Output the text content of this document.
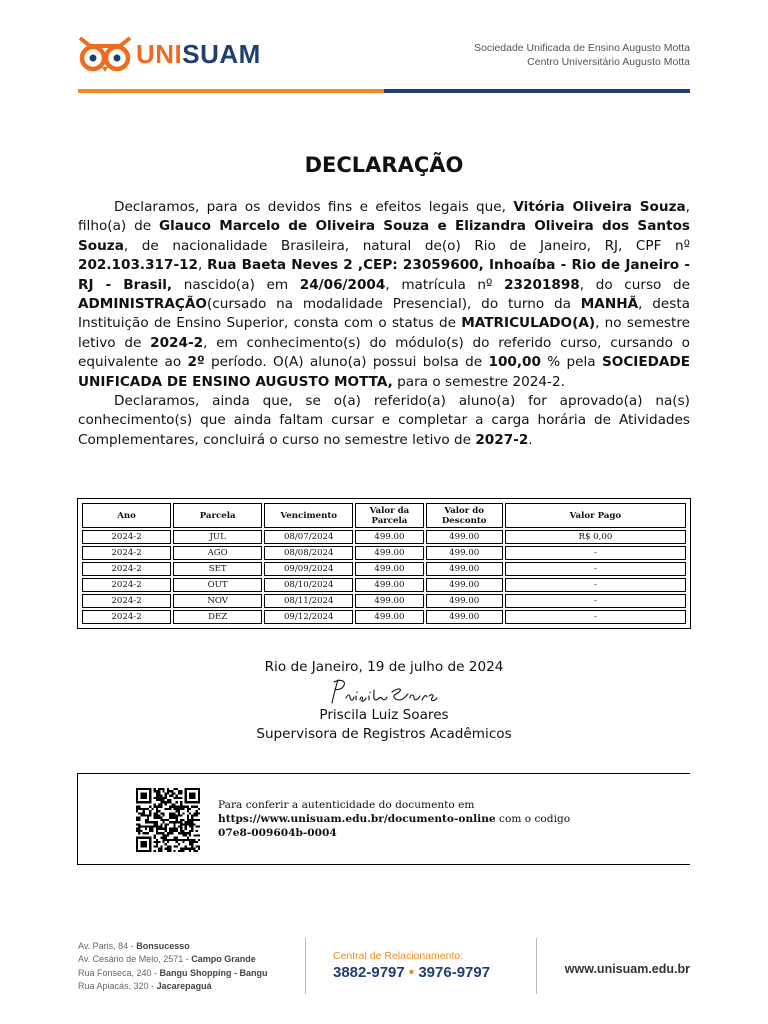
UNISUAM	Sociedade Unificada de Ensino Augusto Motta
Centro Universitário Augusto Motta
DECLARAÇÃO

Declaramos, para os devidos fins e efeitos legais que, Vitória Oliveira Souza, filho(a) de Glauco Marcelo de Oliveira Souza e Elizandra Oliveira dos Santos Souza, de nacionalidade Brasileira, natural de(o) Rio de Janeiro, RJ, CPF nº 202.103.317-12, Rua Baeta Neves 2 ,CEP: 23059600, Inhoaíba - Rio de Janeiro - RJ - Brasil, nascido(a) em 24/06/2004, matrícula nº 23201898, do curso de ADMINISTRAÇÃO(cursado na modalidade Presencial), do turno da MANHÃ, desta Instituição de Ensino Superior, consta com o status de MATRICULADO(A), no semestre letivo de 2024-2, em conhecimento(s) do módulo(s) do referido curso, cursando o equivalente ao 2º período. O(A) aluno(a) possui bolsa de 100,00 % pela SOCIEDADE UNIFICADA DE ENSINO AUGUSTO MOTTA, para o semestre 2024-2.

Declaramos, ainda que, se o(a) referido(a) aluno(a) for aprovado(a) na(s) conhecimento(s) que ainda faltam cursar e completar a carga horária de Atividades Complementares, concluirá o curso no semestre letivo de 2027-2.

Ano	Parcela	Vencimento	Valor da Parcela	Valor do Desconto	Valor Pago
2024-2	JUL	08/07/2024	499.00	499.00	R$ 0,00
2024-2	AGO	08/08/2024	499.00	499.00	-
2024-2	SET	09/09/2024	499.00	499.00	-
2024-2	OUT	08/10/2024	499.00	499.00	-
2024-2	NOV	08/11/2024	499.00	499.00	-
2024-2	DEZ	09/12/2024	499.00	499.00	-
Rio de Janeiro, 19 de julho de 2024
Priscila Luiz Soares
Supervisora de Registros Acadêmicos
Para conferir a autenticidade do documento em
https://www.unisuam.edu.br/documento-online com o codigo
07e8-009604b-0004
Av. Paris, 84 - Bonsucesso
Av. Cesário de Melo, 2571 - Campo Grande
Rua Fonseca, 240 - Bangu Shopping - Bangu
Rua Apiacás, 320 - Jacarepaguá
Central de Relacionamento:
3882-9797 • 3976-9797	www.unisuam.edu.br
